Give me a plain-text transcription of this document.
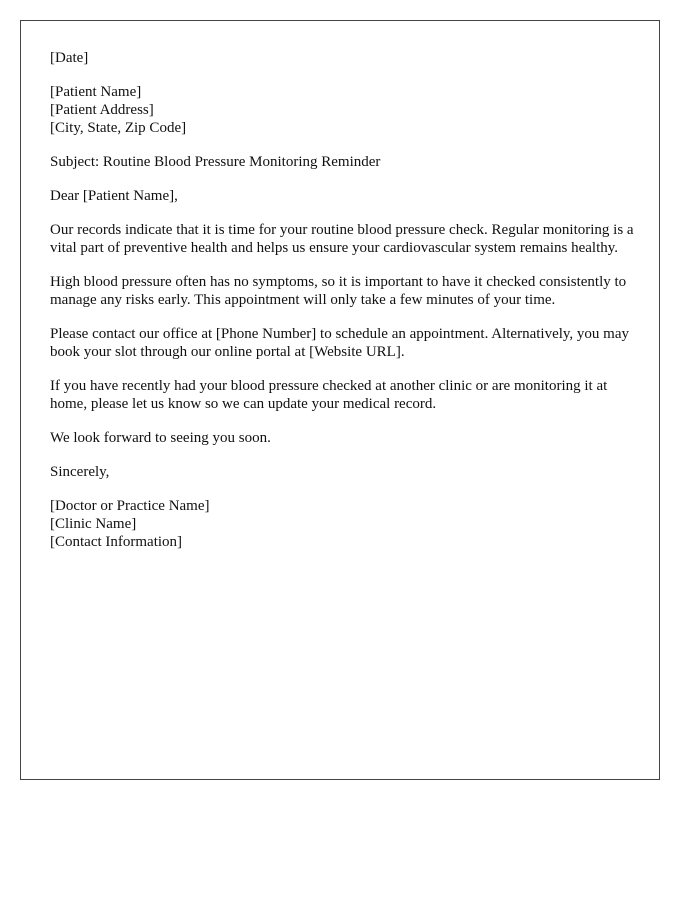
[Date]
[Patient Name]
[Patient Address]
[City, State, Zip Code]
Subject: Routine Blood Pressure Monitoring Reminder
Dear [Patient Name],

Our records indicate that it is time for your routine blood pressure check. Regular monitoring is a vital part of preventive health and helps us ensure your cardiovascular system remains healthy.

High blood pressure often has no symptoms, so it is important to have it checked consistently to manage any risks early. This appointment will only take a few minutes of your time.

Please contact our office at [Phone Number] to schedule an appointment. Alternatively, you may book your slot through our online portal at [Website URL].

If you have recently had your blood pressure checked at another clinic or are monitoring it at home, please let us know so we can update your medical record.

We look forward to seeing you soon.

Sincerely,
[Doctor or Practice Name]
[Clinic Name]
[Contact Information]
